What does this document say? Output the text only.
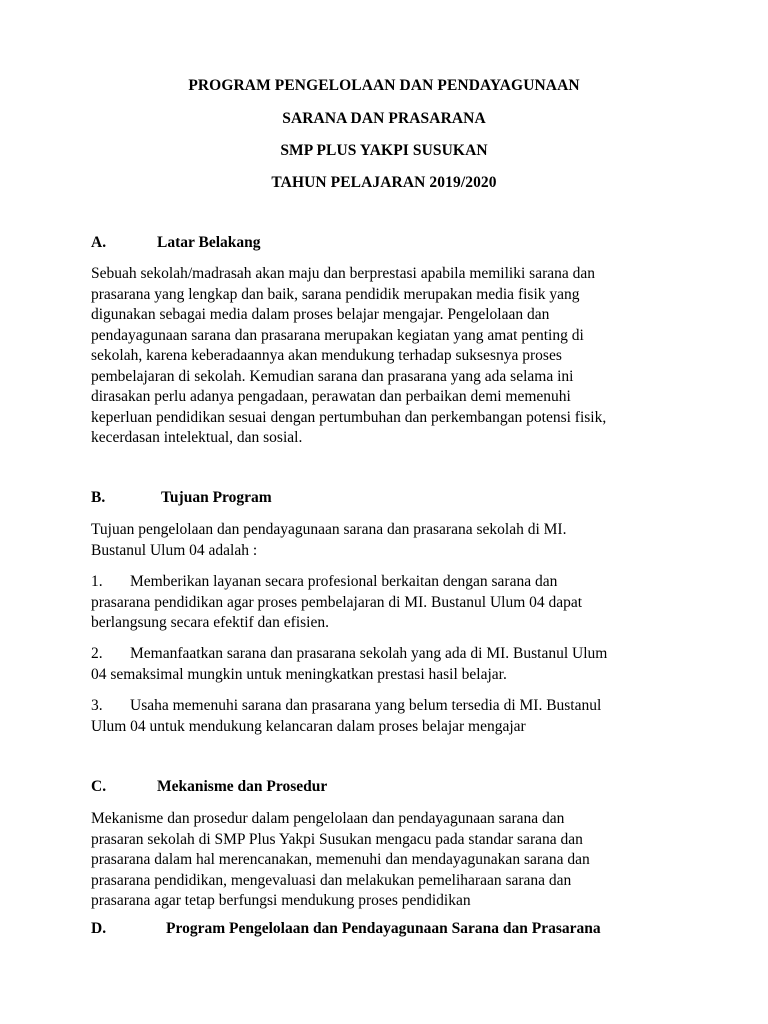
PROGRAM PENGELOLAAN DAN PENDAYAGUNAAN
SARANA DAN PRASARANA
SMP PLUS YAKPI SUSUKAN
TAHUN PELAJARAN 2019/2020
A.	Latar Belakang
Sebuah sekolah/madrasah akan maju dan berprestasi apabila memiliki sarana dan
prasarana yang lengkap dan baik, sarana pendidik merupakan media fisik yang
digunakan sebagai media dalam proses belajar mengajar. Pengelolaan dan
pendayagunaan sarana dan prasarana merupakan kegiatan yang amat penting di
sekolah, karena keberadaannya akan mendukung terhadap suksesnya proses
pembelajaran di sekolah. Kemudian sarana dan prasarana yang ada selama ini
dirasakan perlu adanya pengadaan, perawatan dan perbaikan demi memenuhi
keperluan pendidikan sesuai dengan pertumbuhan dan perkembangan potensi fisik,
kecerdasan intelektual, dan sosial.
B.	Tujuan Program
Tujuan pengelolaan dan pendayagunaan sarana dan prasarana sekolah di MI.
Bustanul Ulum 04 adalah :
1. Memberikan layanan secara profesional berkaitan dengan sarana dan
prasarana pendidikan agar proses pembelajaran di MI. Bustanul Ulum 04 dapat
berlangsung secara efektif dan efisien.
2. Memanfaatkan sarana dan prasarana sekolah yang ada di MI. Bustanul Ulum
04 semaksimal mungkin untuk meningkatkan prestasi hasil belajar.
3. Usaha memenuhi sarana dan prasarana yang belum tersedia di MI. Bustanul
Ulum 04 untuk mendukung kelancaran dalam proses belajar mengajar
C.	Mekanisme dan Prosedur
Mekanisme dan prosedur dalam pengelolaan dan pendayagunaan sarana dan
prasaran sekolah di SMP Plus Yakpi Susukan mengacu pada standar sarana dan
prasarana dalam hal merencanakan, memenuhi dan mendayagunakan sarana dan
prasarana pendidikan, mengevaluasi dan melakukan pemeliharaan sarana dan
prasarana agar tetap berfungsi mendukung proses pendidikan
D.	Program Pengelolaan dan Pendayagunaan Sarana dan Prasarana
